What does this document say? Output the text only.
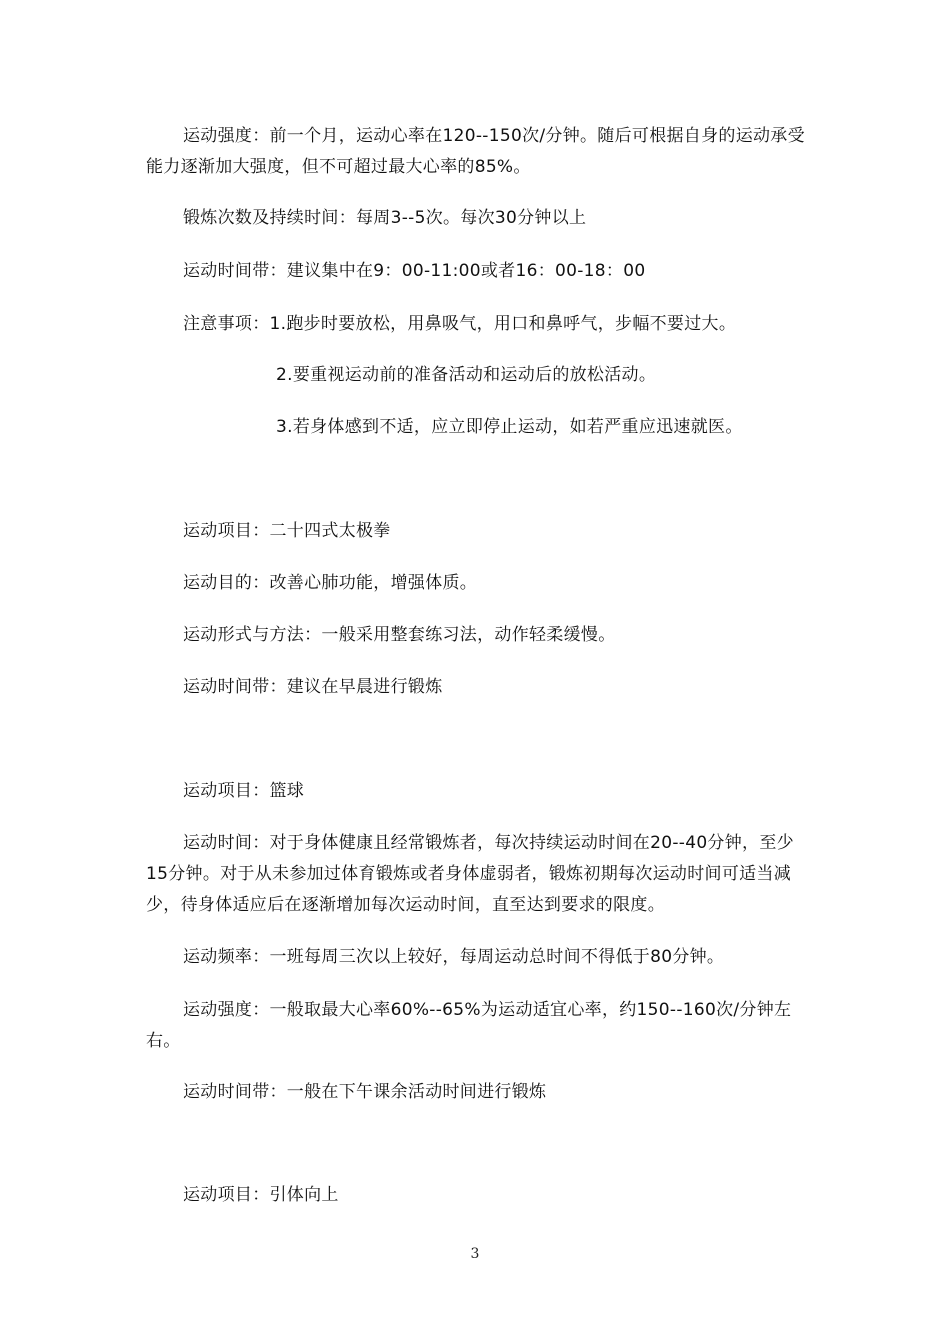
运动强度：前一个月，运动心率在120--150次/分钟。随后可根据自身的运动承受能力逐渐加大强度，但不可超过最大心率的85%。

锻炼次数及持续时间：每周3--5次。每次30分钟以上

运动时间带：建议集中在9：00-11:00或者16：00-18：00

注意事项：1.跑步时要放松，用鼻吸气，用口和鼻呼气，步幅不要过大。

2.要重视运动前的准备活动和运动后的放松活动。

3.若身体感到不适，应立即停止运动，如若严重应迅速就医。

运动项目：二十四式太极拳

运动目的：改善心肺功能，增强体质。

运动形式与方法：一般采用整套练习法，动作轻柔缓慢。

运动时间带：建议在早晨进行锻炼

运动项目：篮球

运动时间：对于身体健康且经常锻炼者，每次持续运动时间在20--40分钟，至少15分钟。对于从未参加过体育锻炼或者身体虚弱者，锻炼初期每次运动时间可适当减少，待身体适应后在逐渐增加每次运动时间，直至达到要求的限度。

运动频率：一班每周三次以上较好，每周运动总时间不得低于80分钟。

运动强度：一般取最大心率60%--65%为运动适宜心率，约150--160次/分钟左右。

运动时间带：一般在下午课余活动时间进行锻炼

运动项目：引体向上

3
